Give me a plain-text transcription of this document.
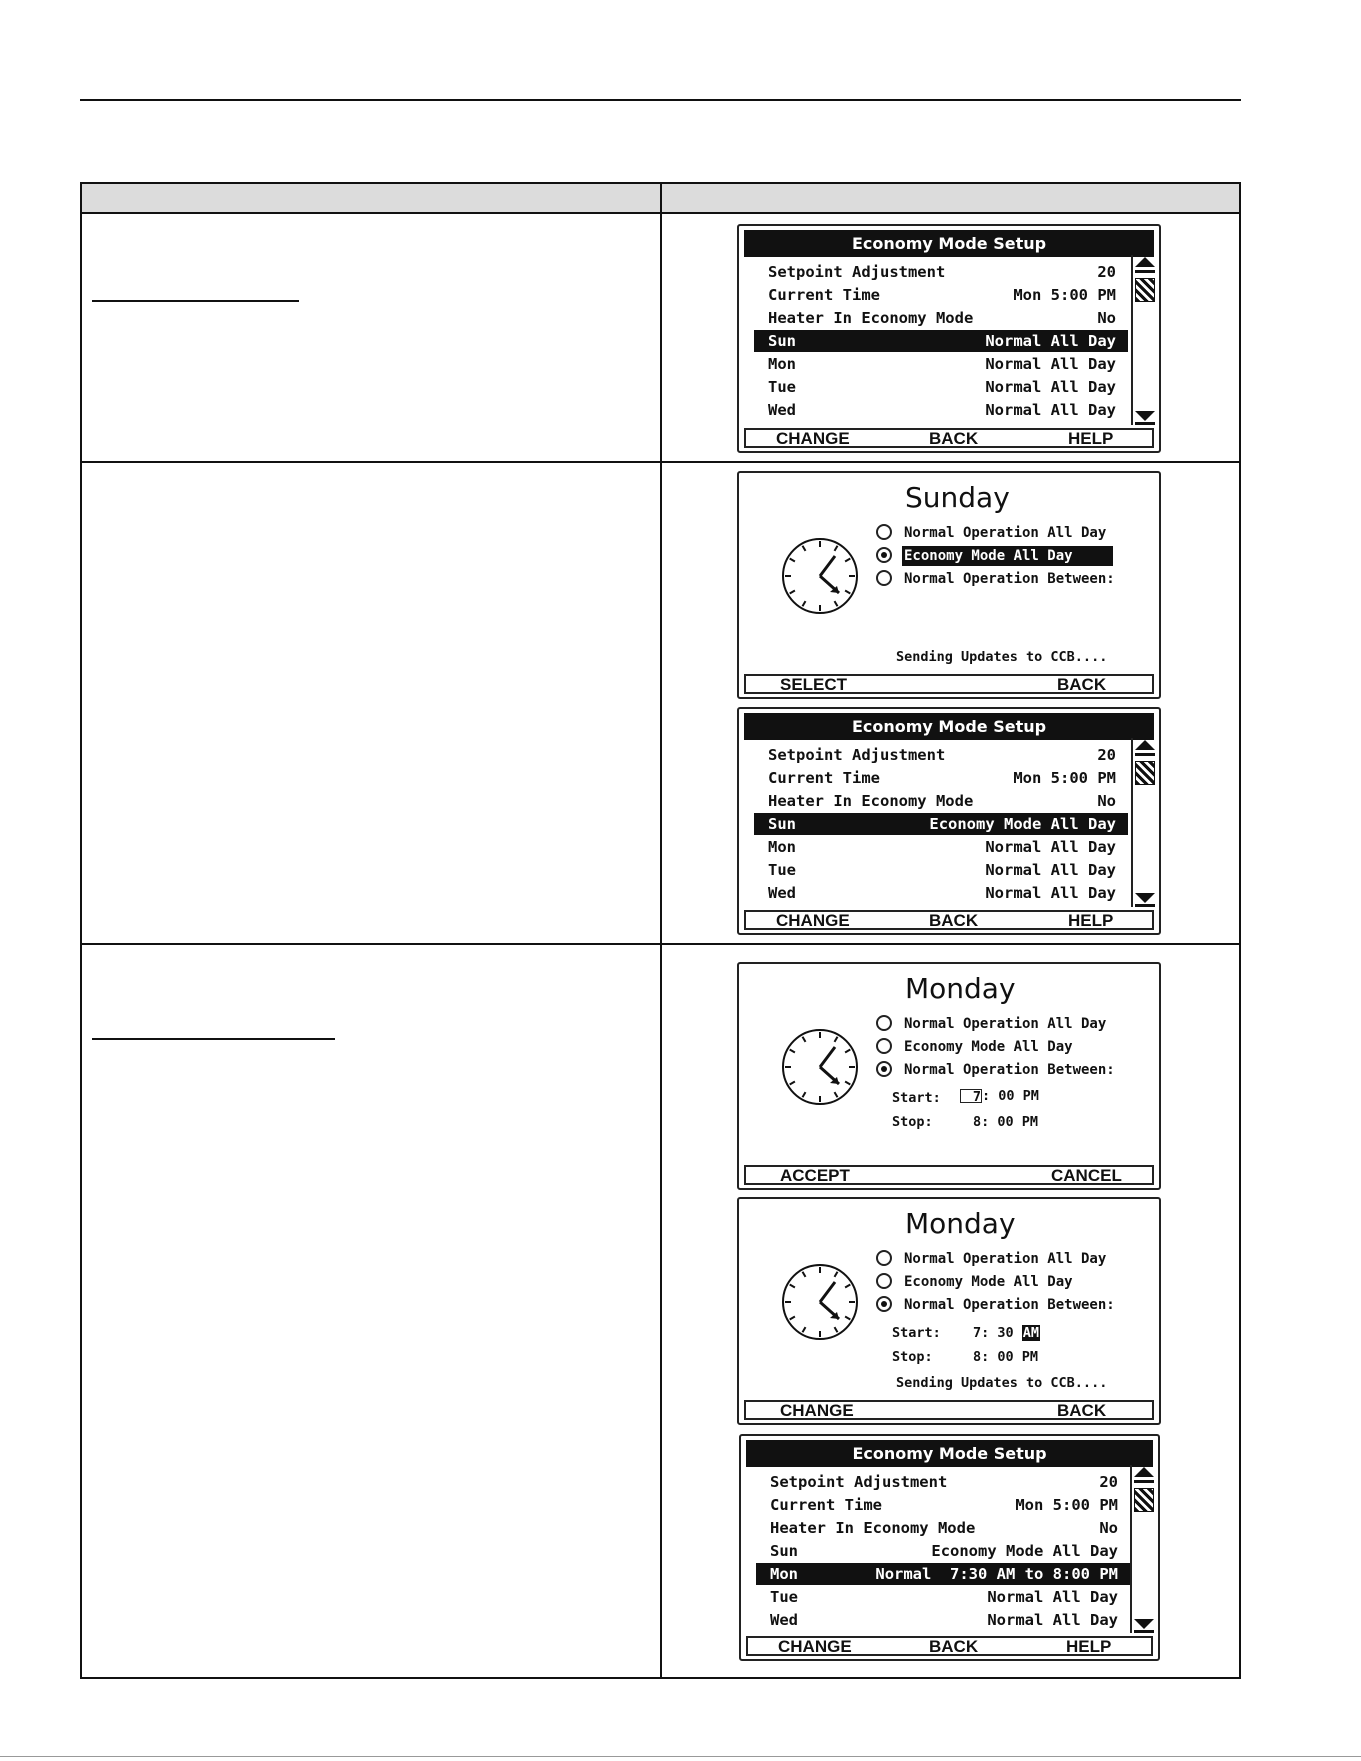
Economy Mode Setup
Setpoint Adjustment	20
Current Time	Mon 5:00 PM
Heater In Economy Mode	No
Sun	Normal All Day
Mon	Normal All Day
Tue	Normal All Day
Wed	Normal All Day
CHANGE	BACK	HELP
Sunday
Normal Operation All Day
Economy Mode All Day
Normal Operation Between:
Sending Updates to CCB....
SELECT	BACK
Economy Mode Setup
Setpoint Adjustment	20
Current Time	Mon 5:00 PM
Heater In Economy Mode	No
Sun	Economy Mode All Day
Mon	Normal All Day
Tue	Normal All Day
Wed	Normal All Day
CHANGE	BACK	HELP
Monday
Normal Operation All Day
Economy Mode All Day
Normal Operation Between:
Start:	7: 00 PM
Stop:	8: 00 PM
ACCEPT	CANCEL
Monday
Normal Operation All Day
Economy Mode All Day
Normal Operation Between:
Start: 7: 30 AM
Stop:	8: 00 PM
Sending Updates to CCB....
CHANGE	BACK
Economy Mode Setup
Setpoint Adjustment	20
Current Time	Mon 5:00 PM
Heater In Economy Mode	No
Sun	Economy Mode All Day
Mon	Normal  7:30 AM to 8:00 PM
Tue	Normal All Day
Wed	Normal All Day
CHANGE	BACK	HELP
